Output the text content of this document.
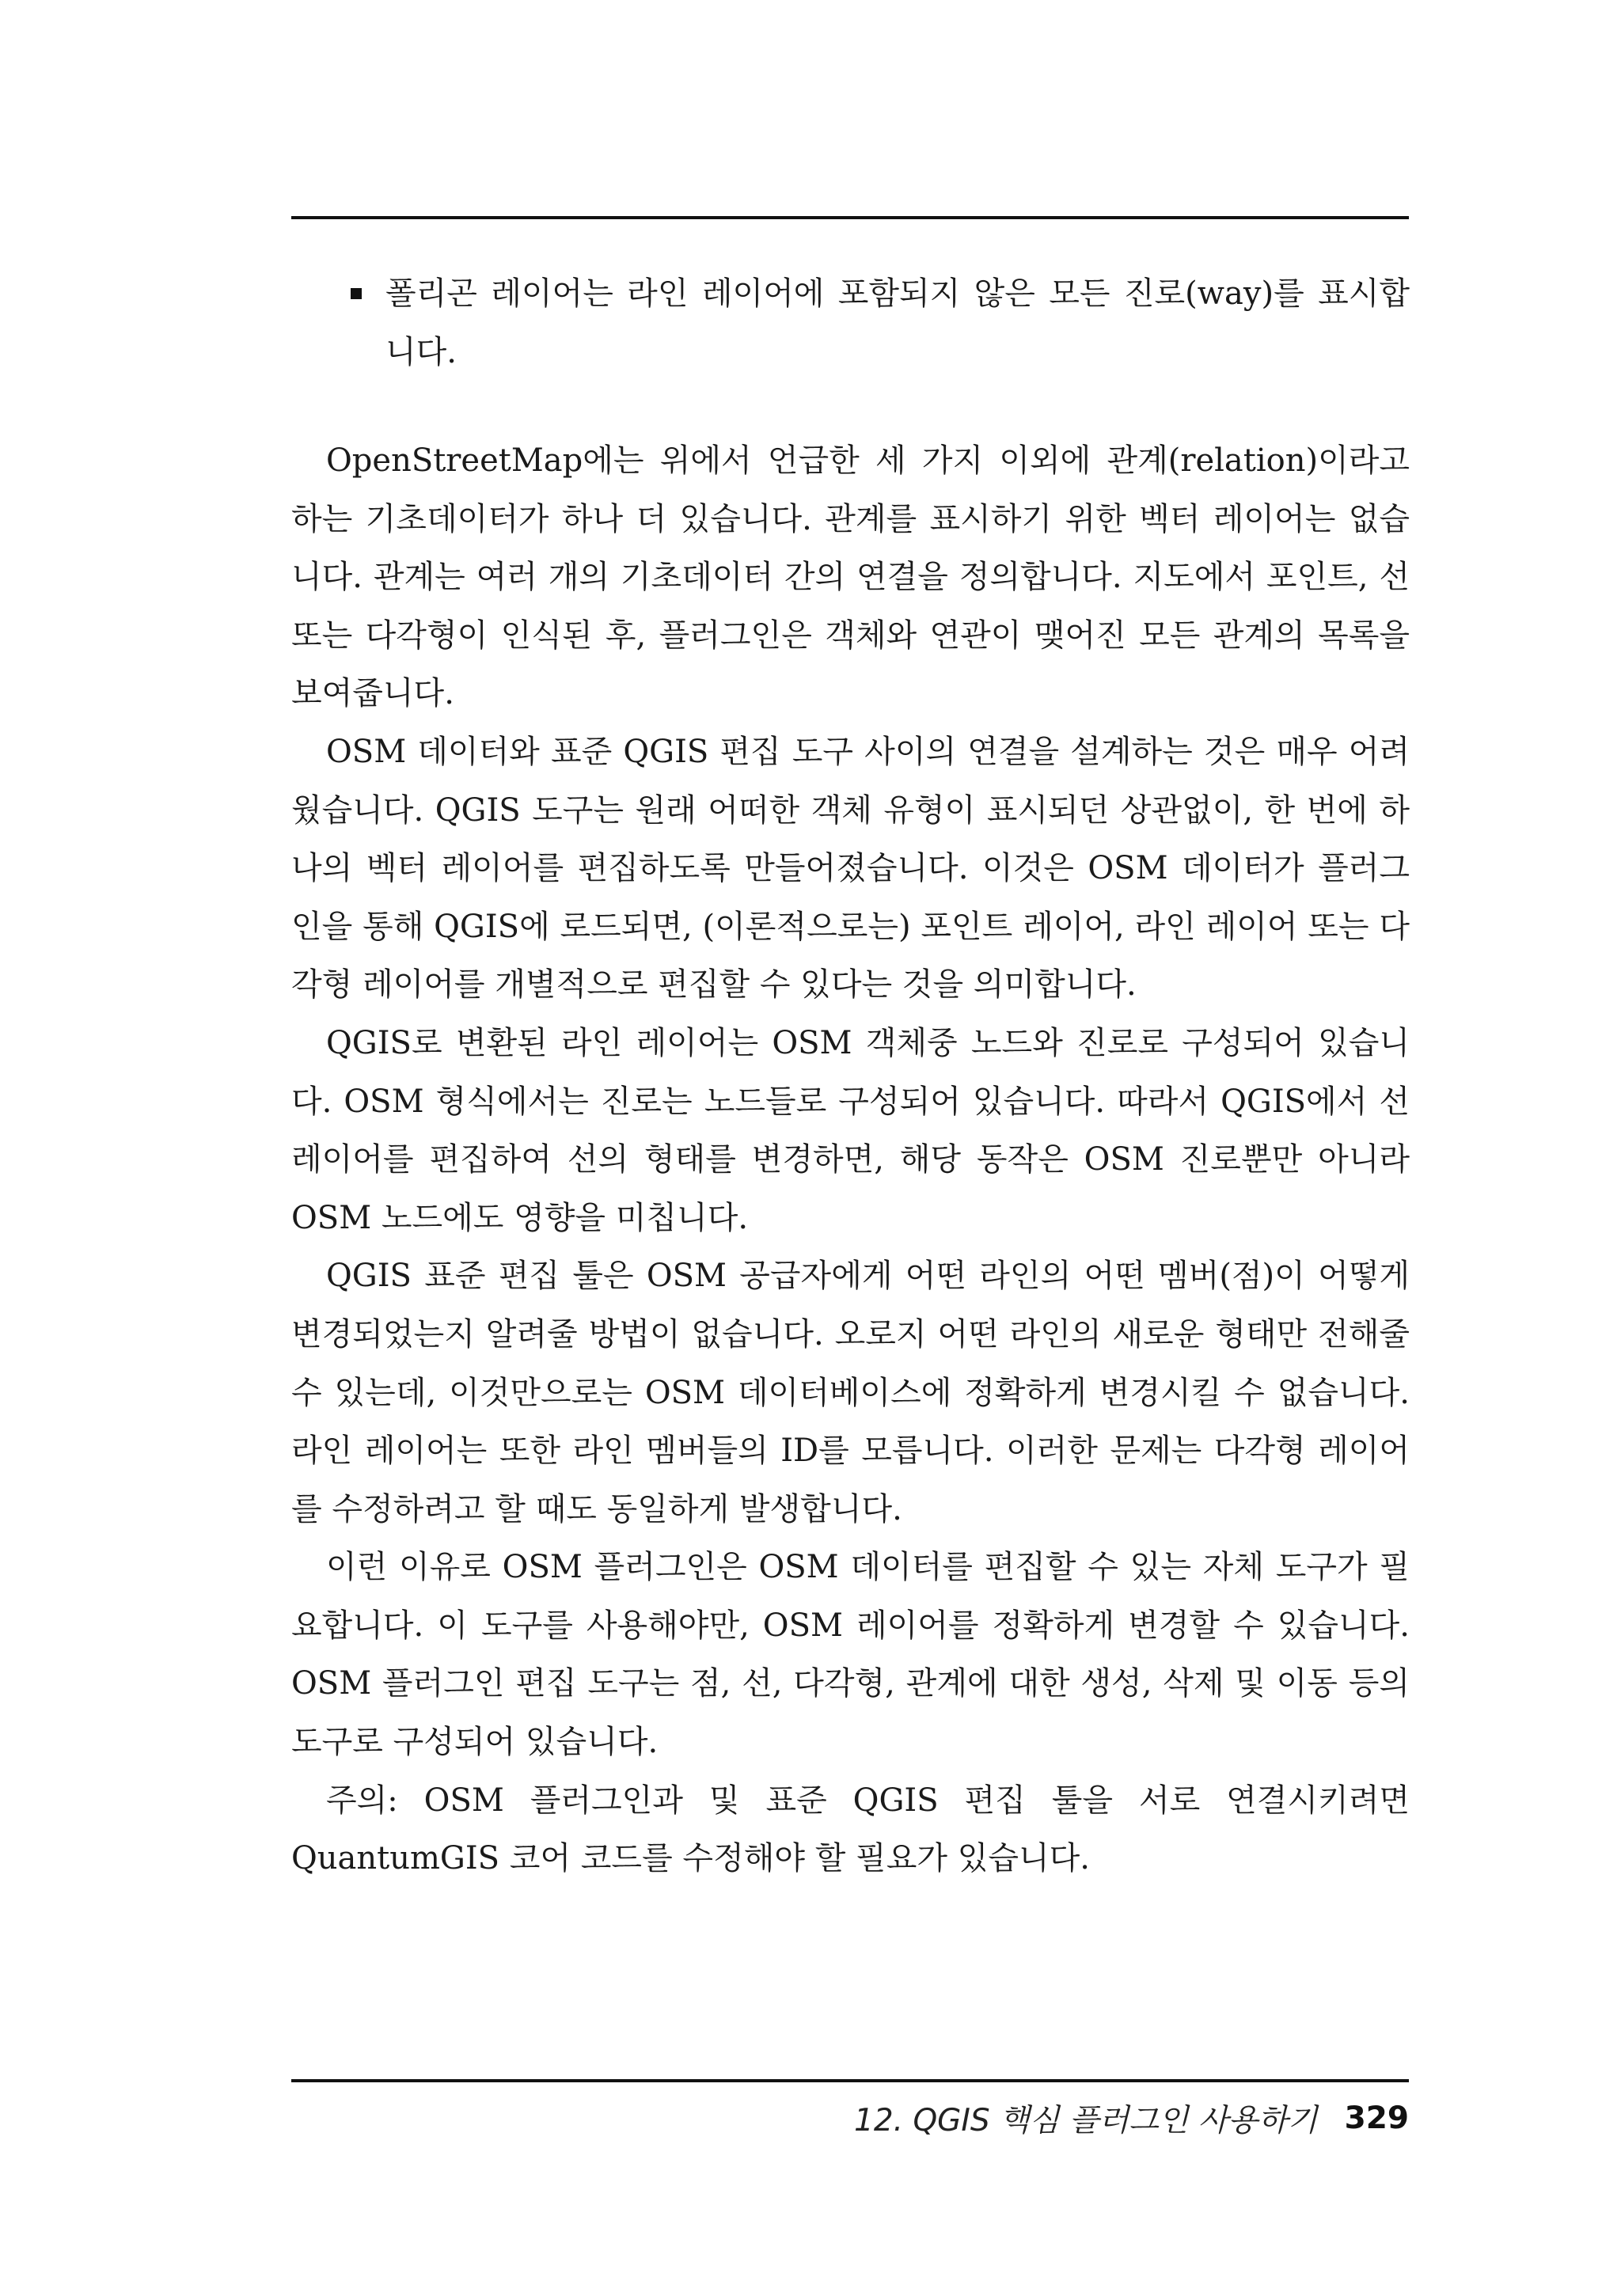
폴리곤 레이어는 라인 레이어에 포함되지 않은 모든 진로(way)를 표시합니다.

OpenStreetMap에는 위에서 언급한 세 가지 이외에 관계(relation)이라고 하는 기초데이터가 하나 더 있습니다. 관계를 표시하기 위한 벡터 레이어는 없습니다. 관계는 여러 개의 기초데이터 간의 연결을 정의합니다. 지도에서 포인트, 선 또는 다각형이 인식된 후, 플러그인은 객체와 연관이 맺어진 모든 관계의 목록을 보여줍니다.

OSM 데이터와 표준 QGIS 편집 도구 사이의 연결을 설계하는 것은 매우 어려웠습니다. QGIS 도구는 원래 어떠한 객체 유형이 표시되던 상관없이, 한 번에 하나의 벡터 레이어를 편집하도록 만들어졌습니다. 이것은 OSM 데이터가 플러그인을 통해 QGIS에 로드되면, (이론적으로는) 포인트 레이어, 라인 레이어 또는 다각형 레이어를 개별적으로 편집할 수 있다는 것을 의미합니다.

QGIS로 변환된 라인 레이어는 OSM 객체중 노드와 진로로 구성되어 있습니다. OSM 형식에서는 진로는 노드들로 구성되어 있습니다. 따라서 QGIS에서 선 레이어를 편집하여 선의 형태를 변경하면, 해당 동작은 OSM 진로뿐만 아니라 OSM 노드에도 영향을 미칩니다.

QGIS 표준 편집 툴은 OSM 공급자에게 어떤 라인의 어떤 멤버(점)이 어떻게 변경되었는지 알려줄 방법이 없습니다. 오로지 어떤 라인의 새로운 형태만 전해줄 수 있는데, 이것만으로는 OSM 데이터베이스에 정확하게 변경시킬 수 없습니다. 라인 레이어는 또한 라인 멤버들의 ID를 모릅니다. 이러한 문제는 다각형 레이어를 수정하려고 할 때도 동일하게 발생합니다.

이런 이유로 OSM 플러그인은 OSM 데이터를 편집할 수 있는 자체 도구가 필요합니다. 이 도구를 사용해야만, OSM 레이어를 정확하게 변경할 수 있습니다. OSM 플러그인 편집 도구는 점, 선, 다각형, 관계에 대한 생성, 삭제 및 이동 등의 도구로 구성되어 있습니다.

주의: OSM 플러그인과 및 표준 QGIS 편집 툴을 서로 연결시키려면 QuantumGIS 코어 코드를 수정해야 할 필요가 있습니다.

12. QGIS 핵심 플러그인 사용하기 329
